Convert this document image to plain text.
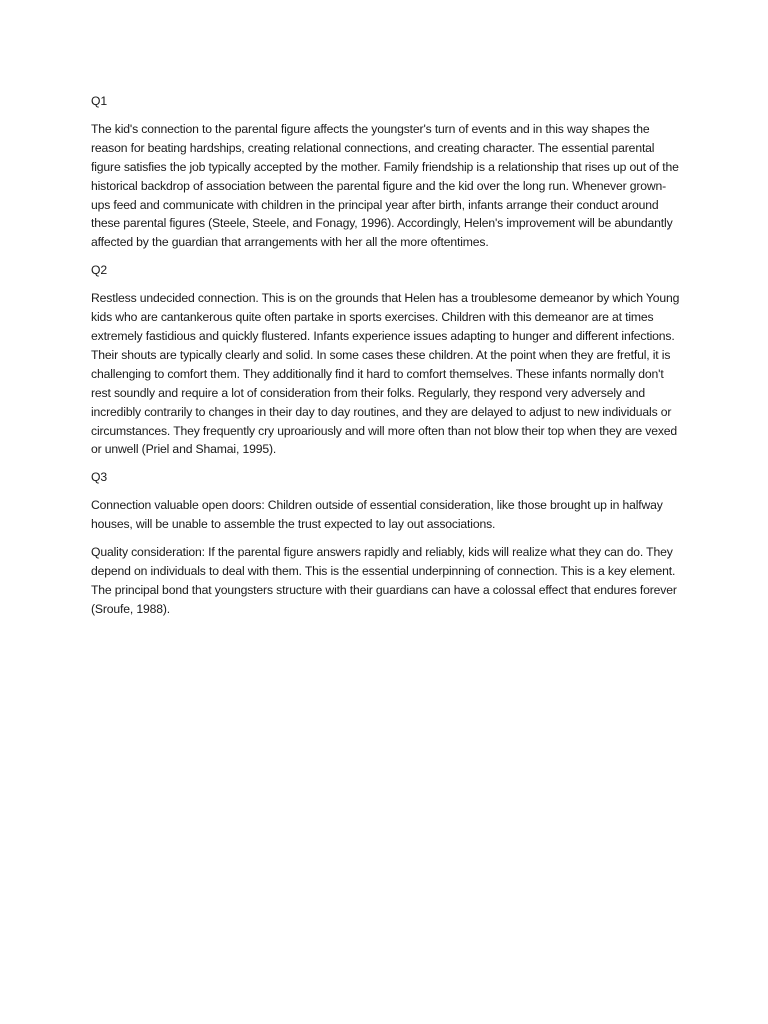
Q1

The kid's connection to the parental figure affects the youngster's turn of events and in this way shapes the reason for beating hardships, creating relational connections, and creating character. The essential parental figure satisfies the job typically accepted by the mother. Family friendship is a relationship that rises up out of the historical backdrop of association between the parental figure and the kid over the long run. Whenever grown-ups feed and communicate with children in the principal year after birth, infants arrange their conduct around these parental figures (Steele, Steele, and Fonagy, 1996). Accordingly, Helen's improvement will be abundantly affected by the guardian that arrangements with her all the more oftentimes.

Q2

Restless undecided connection. This is on the grounds that Helen has a troublesome demeanor by which Young kids who are cantankerous quite often partake in sports exercises. Children with this demeanor are at times extremely fastidious and quickly flustered. Infants experience issues adapting to hunger and different infections. Their shouts are typically clearly and solid. In some cases these children. At the point when they are fretful, it is challenging to comfort them. They additionally find it hard to comfort themselves. These infants normally don't rest soundly and require a lot of consideration from their folks. Regularly, they respond very adversely and incredibly contrarily to changes in their day to day routines, and they are delayed to adjust to new individuals or circumstances. They frequently cry uproariously and will more often than not blow their top when they are vexed or unwell (Priel and Shamai, 1995).

Q3

Connection valuable open doors: Children outside of essential consideration, like those brought up in halfway houses, will be unable to assemble the trust expected to lay out associations.

Quality consideration: If the parental figure answers rapidly and reliably, kids will realize what they can do. They depend on individuals to deal with them. This is the essential underpinning of connection. This is a key element. The principal bond that youngsters structure with their guardians can have a colossal effect that endures forever (Sroufe, 1988).
